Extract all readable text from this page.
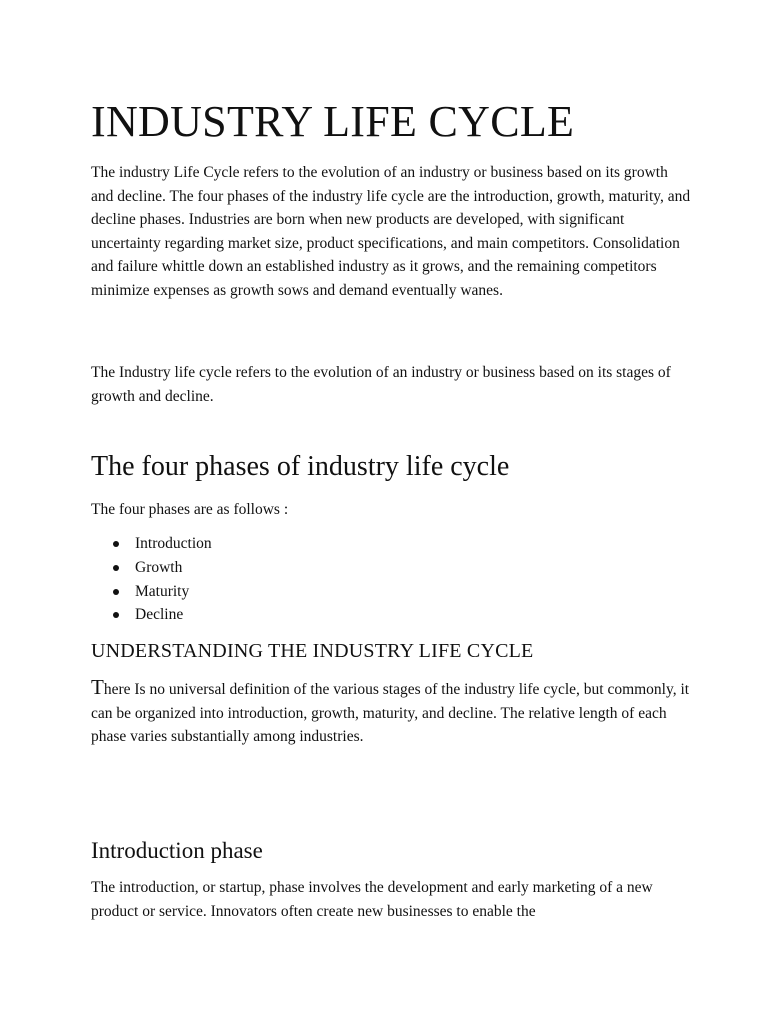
INDUSTRY LIFE CYCLE

The industry Life Cycle refers to the evolution of an industry or business based on its growth and decline. The four phases of the industry life cycle are the introduction, growth, maturity, and decline phases. Industries are born when new products are developed, with significant uncertainty regarding market size, product specifications, and main competitors. Consolidation and failure whittle down an established industry as it grows, and the remaining competitors minimize expenses as growth sows and demand eventually wanes.

The Industry life cycle refers to the evolution of an industry or business based on its stages of growth and decline.

The four phases of industry life cycle

The four phases are as follows :

Introduction
Growth
Maturity
Decline
UNDERSTANDING THE INDUSTRY LIFE CYCLE

There Is no universal definition of the various stages of the industry life cycle, but commonly, it can be organized into introduction, growth, maturity, and decline. The relative length of each phase varies substantially among industries.

Introduction phase

The introduction, or startup, phase involves the development and early marketing of a new product or service. Innovators often create new businesses to enable the
